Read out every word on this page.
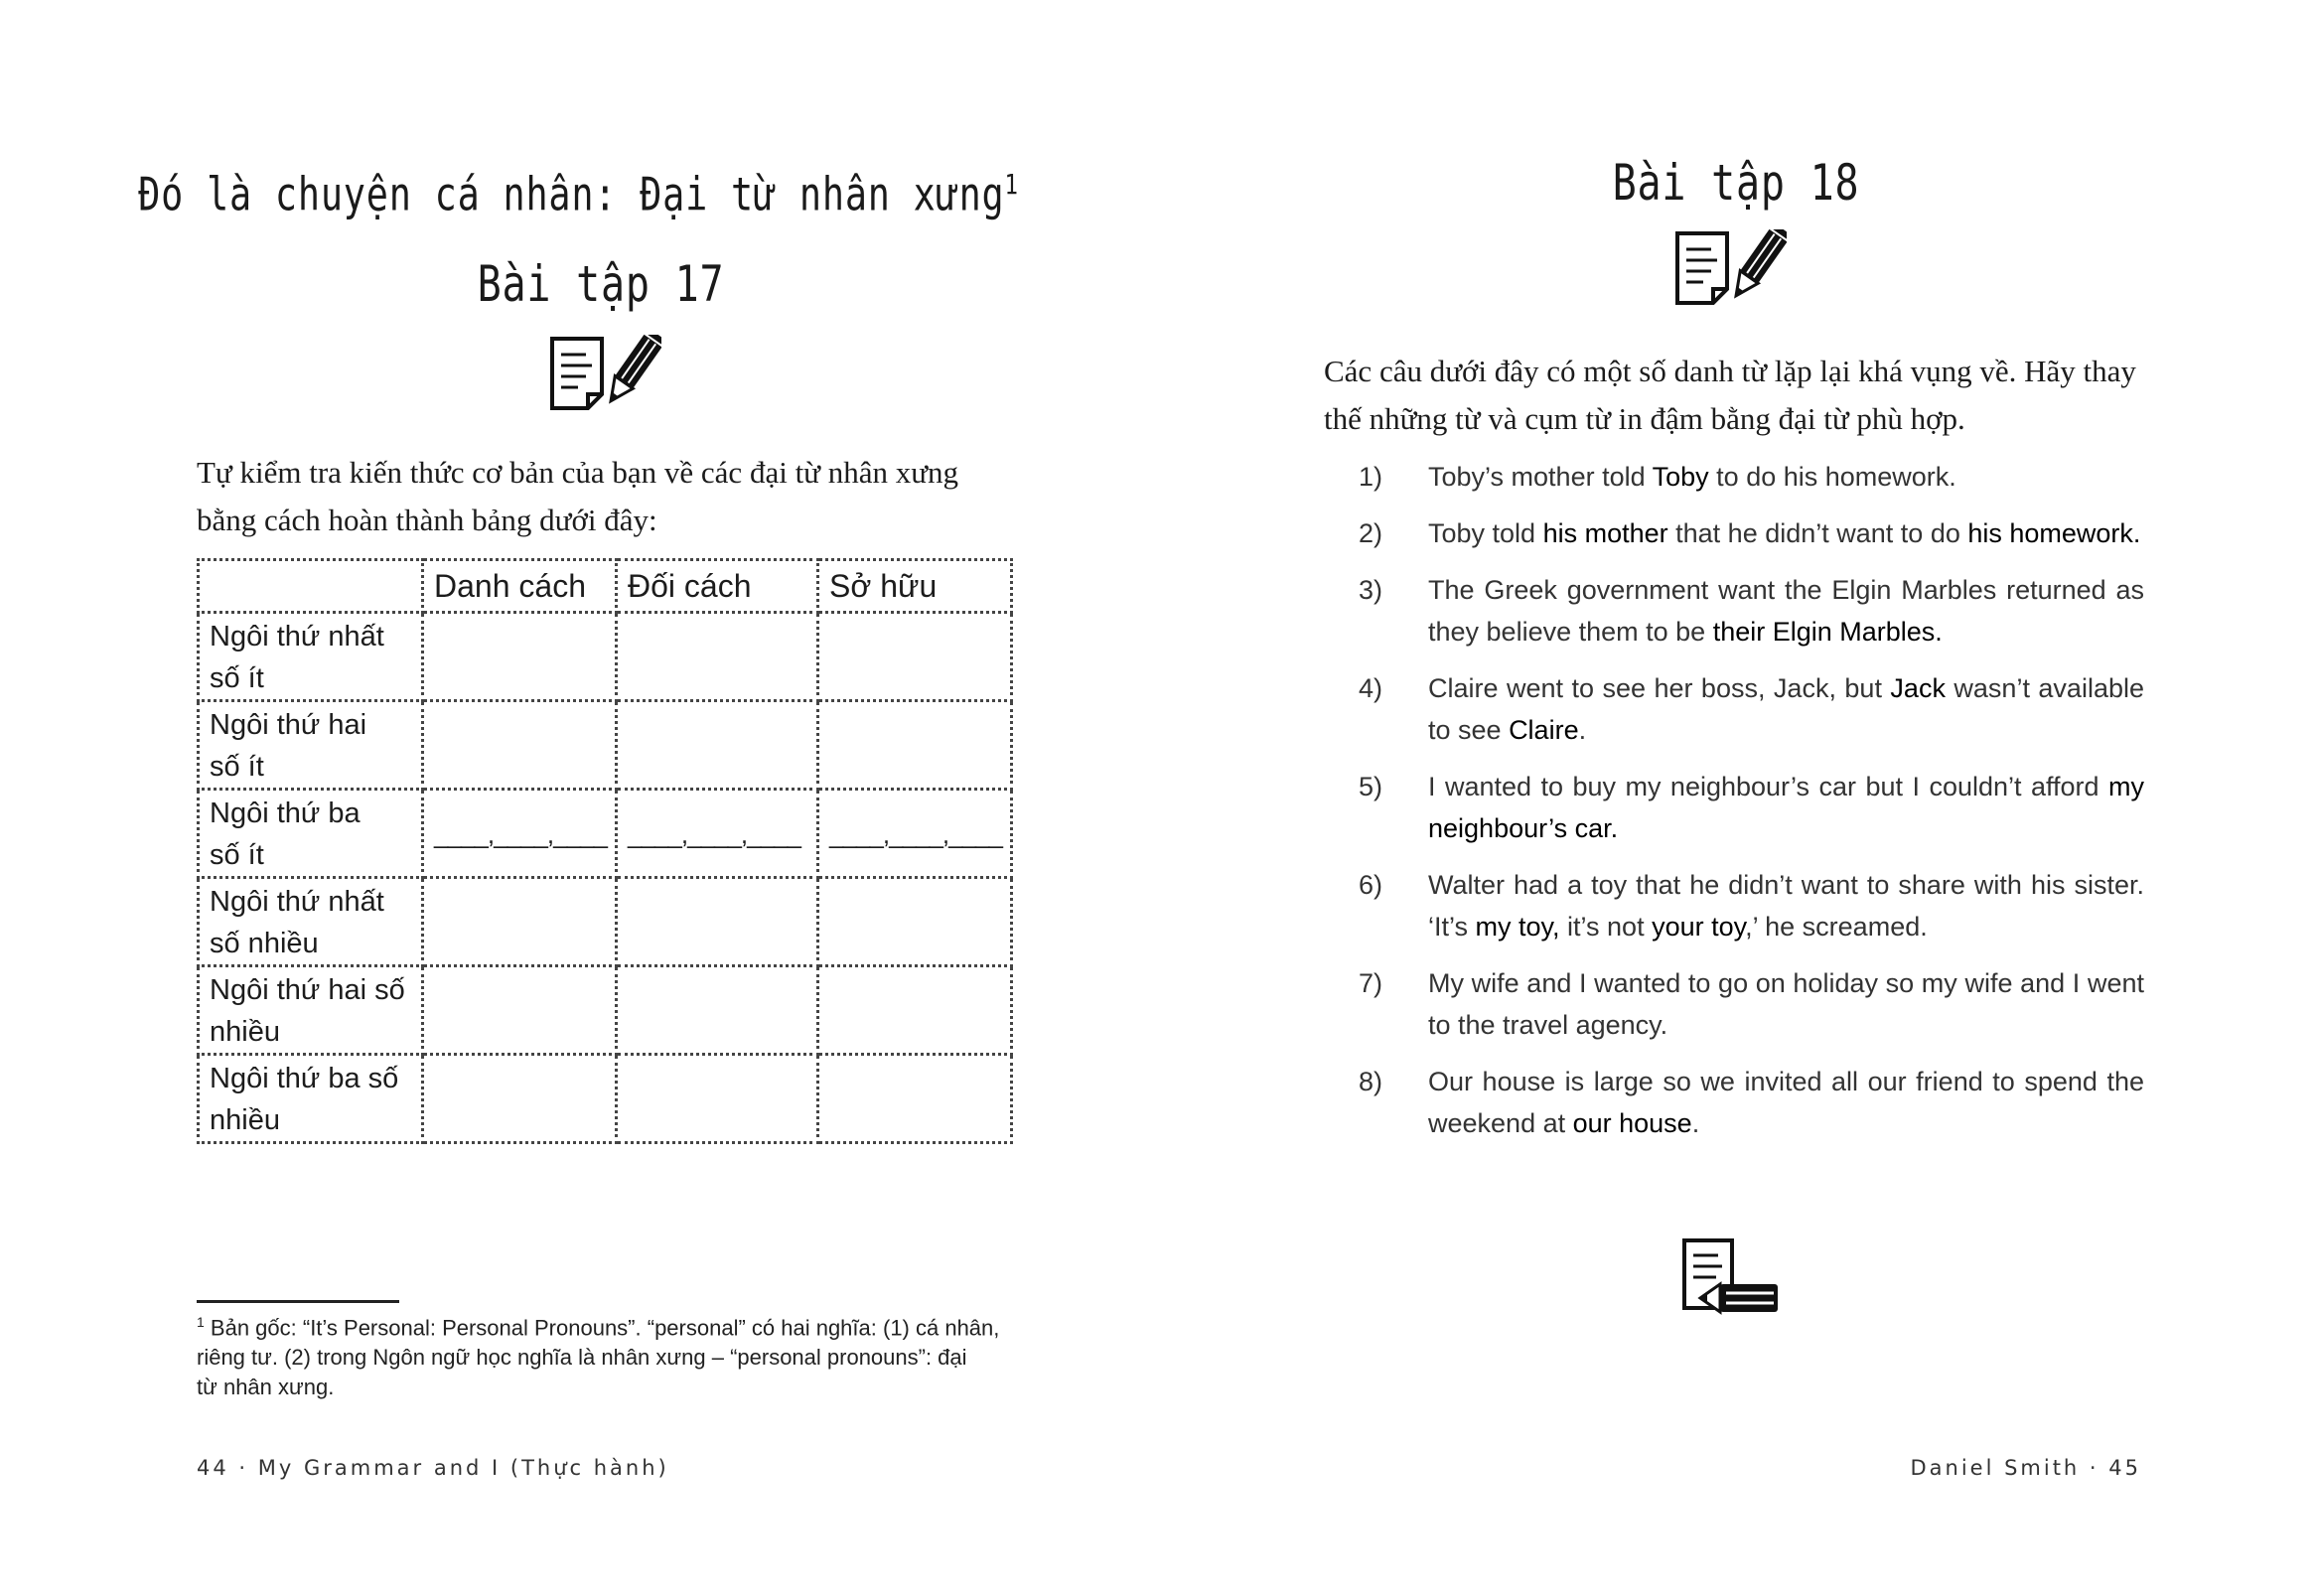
Đó là chuyện cá nhân: Đại từ nhân xưng$^1$
Bài tập 17

Tự kiểm tra kiến thức cơ bản của bạn về các đại từ nhân xưng
bằng cách hoàn thành bảng dưới đây:

	Danh cách	Đối cách	Sở hữu
Ngôi thứ nhất
số ít			
Ngôi thứ hai
số ít			
Ngôi thứ ba
số ít	____,____,____	____,____,____	____,____,____
Ngôi thứ nhất
số nhiều			
Ngôi thứ hai số
nhiều			
Ngôi thứ ba số
nhiều			

$^1$ Bản gốc: “It’s Personal: Personal Pronouns”. “personal” có hai nghĩa: (1) cá nhân,
riêng tư. (2) trong Ngôn ngữ học nghĩa là nhân xưng – “personal pronouns”: đại
từ nhân xưng.

44 · My Grammar and I (Thực hành)

Bài tập 18

Các câu dưới đây có một số danh từ lặp lại khá vụng về. Hãy thay
thế những từ và cụm từ in đậm bằng đại từ phù hợp.

Daniel Smith · 45

1) Toby’s mother told Toby to do his homework.
2) Toby told his mother that he didn’t want to do his homework.
3) The Greek government want the Elgin Marbles returned as they believe them to be their Elgin Marbles.
4) Claire went to see her boss, Jack, but Jack wasn’t available to see Claire.
5) I wanted to buy my neighbour’s car but I couldn’t afford my neighbour’s car.
6) Walter had a toy that he didn’t want to share with his sister. ‘It’s my toy, it’s not your toy,’ he screamed.
7) My wife and I wanted to go on holiday so my wife and I went to the travel agency.
8) Our house is large so we invited all our friend to spend the weekend at our house.
